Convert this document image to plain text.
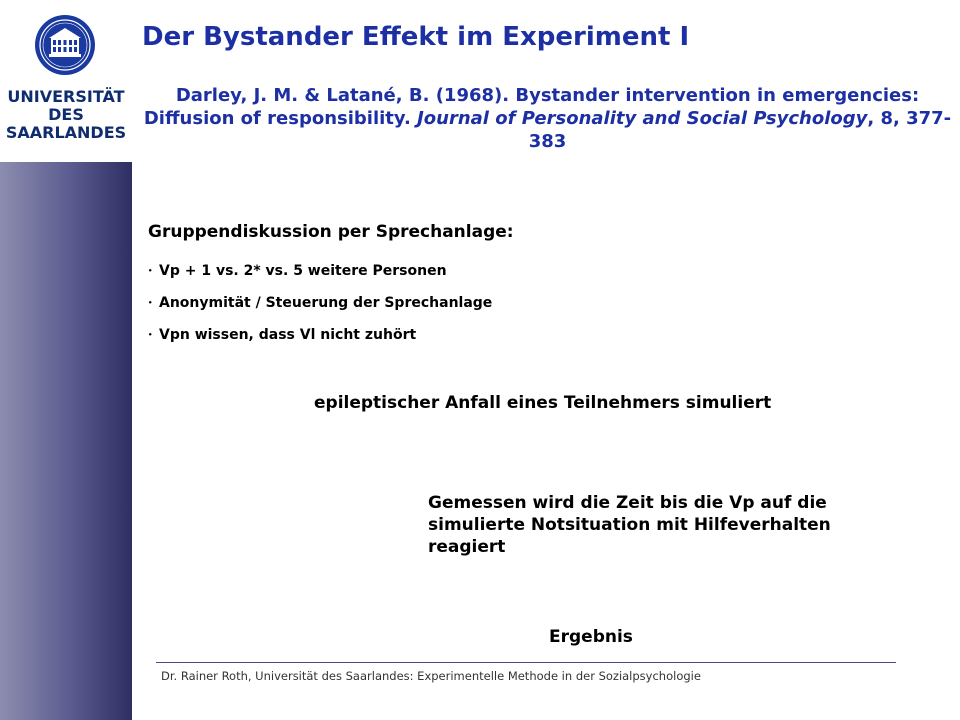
UNIVERSITÄT
DES
SAARLANDES
Der Bystander Effekt im Experiment I
Darley, J. M. & Latané, B. (1968). Bystander intervention in emergencies: Diffusion of responsibility. Journal of Personality and Social Psychology, 8, 377-383
Gruppendiskussion per Sprechanlage:
• Vp + 1 vs. 2* vs. 5 weitere Personen
• Anonymität / Steuerung der Sprechanlage
• Vpn wissen, dass Vl nicht zuhört
epileptischer Anfall eines Teilnehmers simuliert
Gemessen wird die Zeit bis die Vp auf die simulierte Notsituation mit Hilfeverhalten reagiert
Ergebnis
Dr. Rainer Roth, Universität des Saarlandes: Experimentelle Methode in der Sozialpsychologie
